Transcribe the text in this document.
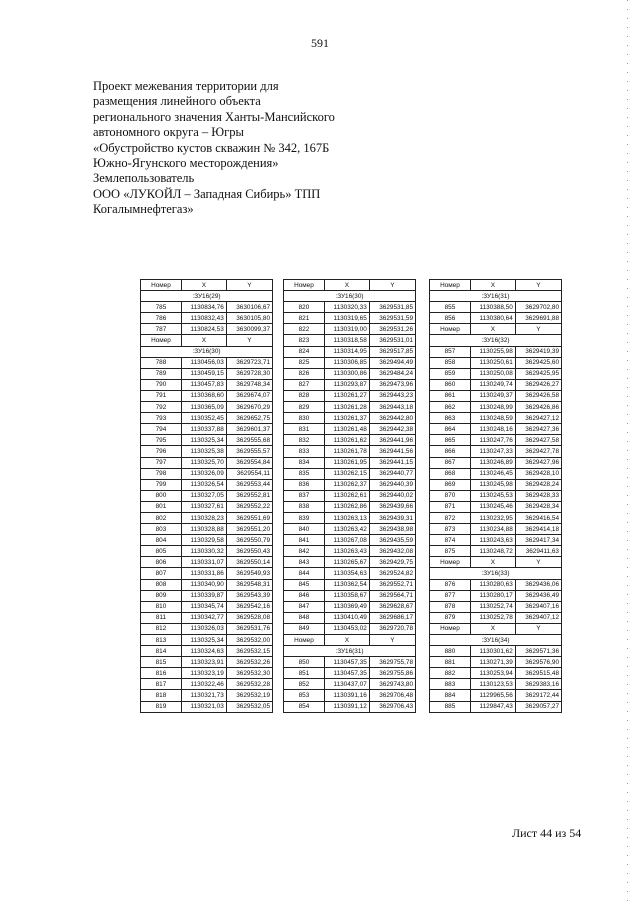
591
Проект межевания территории для
размещения линейного объекта
регионального значения Ханты-Мансийского
автономного округа – Югры
«Обустройство кустов скважин № 342, 167Б
Южно-Ягунского месторождения»
Землепользователь
ООО «ЛУКОЙЛ – Западная Сибирь» ТПП
Когалымнефтегаз»
Номер	X	Y
:ЗУ16(29)		
785	1130834,76	3630106,67
786	1130832,43	3630105,80
787	1130824,53	3630099,37
Номер	X	Y
:ЗУ16(30)		
788	1130456,03	3629723,71
789	1130459,15	3629728,30
790	1130457,83	3629748,34
791	1130368,60	3629674,07
792	1130365,09	3629670,29
793	1130352,45	3629652,75
794	1130337,88	3629601,37
795	1130325,34	3629555,68
796	1130325,38	3629555,57
797	1130325,70	3629554,84
798	1130326,09	3629554,11
799	1130326,54	3629553,44
800	1130327,05	3629552,81
801	1130327,61	3629552,22
802	1130328,23	3629551,69
803	1130328,88	3629551,20
804	1130329,58	3629550,79
805	1130330,32	3629550,43
806	1130331,07	3629550,14
807	1130331,86	3629549,93
808	1130340,90	3629548,31
809	1130339,87	3629543,39
810	1130345,74	3629542,16
811	1130342,77	3629528,08
812	1130326,03	3629531,76
813	1130325,34	3629532,00
814	1130324,63	3629532,15
815	1130323,91	3629532,26
816	1130323,19	3629532,30
817	1130322,46	3629532,28
818	1130321,73	3629532,19
819	1130321,03	3629532,05
Номер	X	Y
:ЗУ16(30)		
820	1130320,33	3629531,85
821	1130319,65	3629531,59
822	1130319,00	3629531,26
823	1130318,58	3629531,01
824	1130314,95	3629517,85
825	1130306,85	3629494,49
826	1130300,86	3629484,24
827	1130293,87	3629473,96
828	1130261,27	3629443,23
829	1130261,28	3629443,18
830	1130261,37	3629442,80
831	1130261,48	3629442,38
832	1130261,62	3629441,96
833	1130261,78	3629441,56
834	1130261,95	3629441,15
835	1130262,15	3629440,77
836	1130262,37	3629440,39
837	1130262,61	3629440,02
838	1130262,86	3629439,66
839	1130263,13	3629439,31
840	1130263,42	3629438,98
841	1130267,08	3629435,59
842	1130263,43	3629432,08
843	1130265,67	3629429,75
844	1130354,63	3629524,82
845	1130362,54	3629552,71
846	1130358,67	3629564,71
847	1130369,49	3629628,67
848	1130410,49	3629686,17
849	1130453,02	3629720,78
Номер	X	Y
:ЗУ16(31)		
850	1130457,35	3629755,78
851	1130457,35	3629755,86
852	1130437,07	3629743,80
853	1130391,16	3629706,48
854	1130391,12	3629706,43
Номер	X	Y
:ЗУ16(31)		
855	1130388,50	3629702,80
856	1130380,64	3629691,88
Номер	X	Y
:ЗУ16(32)		
857	1130255,98	3629419,39
858	1130250,61	3629425,60
859	1130250,08	3629425,95
860	1130249,74	3629426,27
861	1130249,37	3629426,58
862	1130248,99	3629426,86
863	1130248,59	3629427,12
864	1130248,16	3629427,36
865	1130247,76	3629427,58
866	1130247,33	3629427,78
867	1130246,89	3629427,96
868	1130246,45	3629428,10
869	1130245,98	3629428,24
870	1130245,53	3629428,33
871	1130245,46	3629428,34
872	1130232,95	3629416,54
873	1130234,88	3629414,18
874	1130243,63	3629417,34
875	1130248,72	3629411,63
Номер	X	Y
:ЗУ16(33)		
876	1130280,63	3629436,06
877	1130280,17	3629436,49
878	1130252,74	3629407,16
879	1130252,78	3629407,12
Номер	X	Y
:ЗУ16(34)		
880	1130301,62	3629571,36
881	1130271,39	3629576,90
882	1130253,94	3629515,48
883	1130123,53	3629383,16
884	1129965,56	3629172,44
885	1129847,43	3629057,27
Лист 44 из 54
